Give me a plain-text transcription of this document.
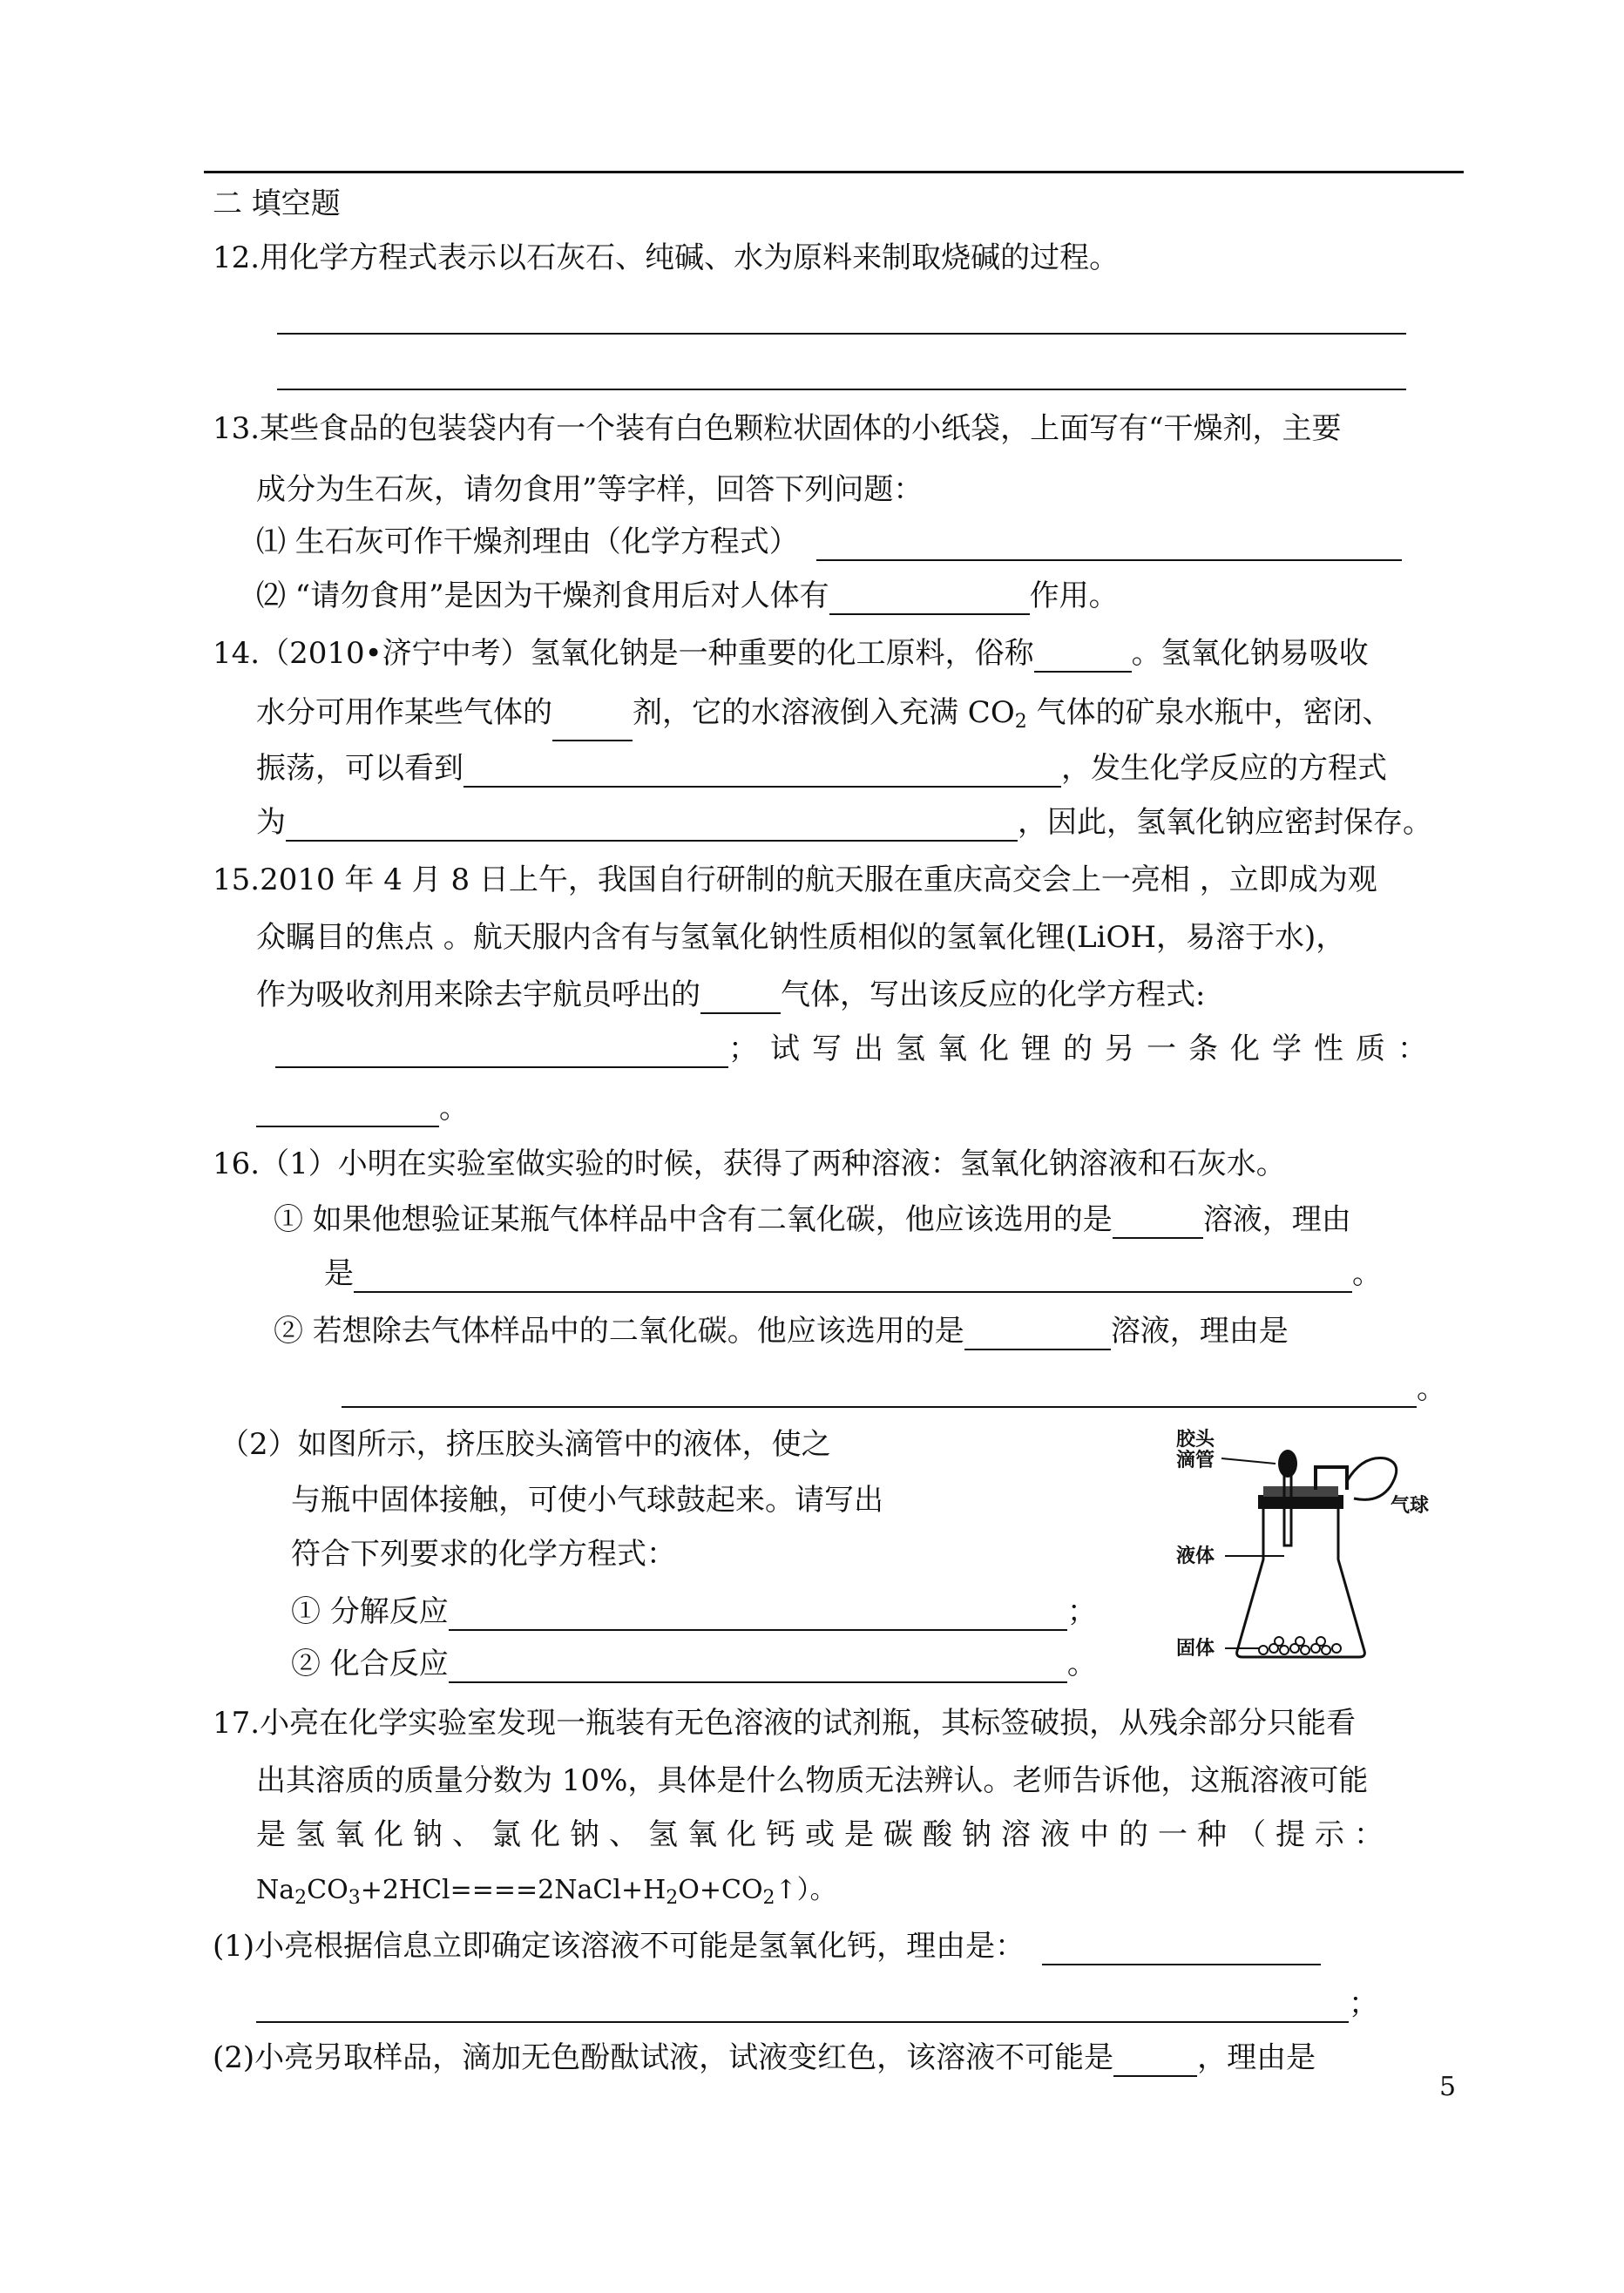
二 填空题
12.用化学方程式表示以石灰石、纯碱、水为原料来制取烧碱的过程。
13.某些食品的包装袋内有一个装有白色颗粒状固体的小纸袋，上面写有“干燥剂，主要
成分为生石灰，请勿食用”等字样，回答下列问题：
⑴ 生石灰可作干燥剂理由（化学方程式）
⑵ “请勿食用”是因为干燥剂食用后对人体有	作用。
14.（2010•济宁中考）氢氧化钠是一种重要的化工原料，俗称	。氢氧化钠易吸收
水分可用作某些气体的	剂，它的水溶液倒入充满 $CO_2$ 气体的矿泉水瓶中，密闭、
振荡，可以看到	，发生化学反应的方程式
为	，因此，氢氧化钠应密封保存。
15.2010 年 4 月 8 日上午，我国自行研制的航天服在重庆高交会上一亮相 ，立即成为观
众瞩目的焦点 。航天服内含有与氢氧化钠性质相似的氢氧化锂(LiOH，易溶于水)，
作为吸收剂用来除去宇航员呼出的	气体，写出该反应的化学方程式:
；试写出氢氧化锂的另一条化学性质：
。
16.（1）小明在实验室做实验的时候，获得了两种溶液：氢氧化钠溶液和石灰水。
① 如果他想验证某瓶气体样品中含有二氧化碳，他应该选用的是	溶液，理由
是	。
② 若想除去气体样品中的二氧化碳。他应该选用的是	溶液，理由是
。
（2）如图所示，挤压胶头滴管中的液体，使之
与瓶中固体接触，可使小气球鼓起来。请写出
符合下列要求的化学方程式：
① 分解反应	；
② 化合反应	。
胶头
滴管
气球
液体
固体
17.小亮在化学实验室发现一瓶装有无色溶液的试剂瓶，其标签破损，从残余部分只能看
出其溶质的质量分数为 10%，具体是什么物质无法辨认。老师告诉他，这瓶溶液可能
是氢氧化钠、氯化钠、氢氧化钙或是碳酸钠溶液中的一种（提示：
$Na_2CO_3+2HCl====2NaCl+H_2O+CO_2↑$）。
(1)小亮根据信息立即确定该溶液不可能是氢氧化钙，理由是：
；
(2)小亮另取样品，滴加无色酚酞试液，试液变红色，该溶液不可能是	，理由是
5
